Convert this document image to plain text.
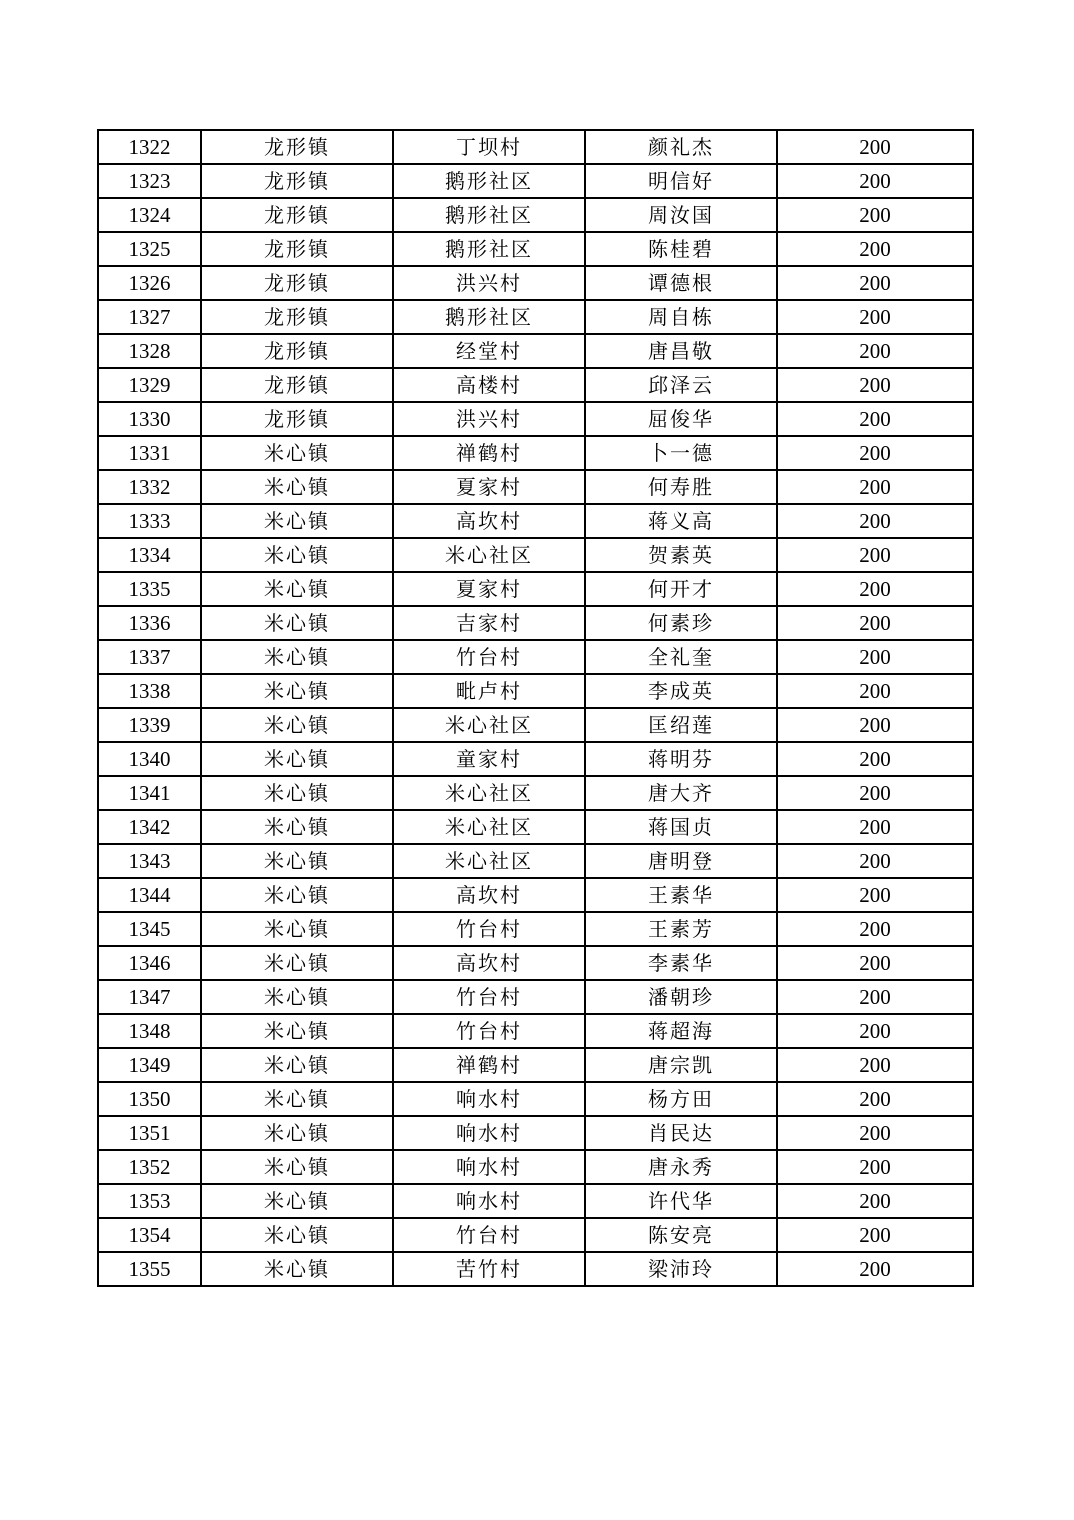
1322	龙形镇	丁坝村	颜礼杰	200
1323	龙形镇	鹅形社区	明信好	200
1324	龙形镇	鹅形社区	周汝国	200
1325	龙形镇	鹅形社区	陈桂碧	200
1326	龙形镇	洪兴村	谭德根	200
1327	龙形镇	鹅形社区	周自栋	200
1328	龙形镇	经堂村	唐昌敬	200
1329	龙形镇	高楼村	邱泽云	200
1330	龙形镇	洪兴村	屈俊华	200
1331	米心镇	禅鹤村	卜一德	200
1332	米心镇	夏家村	何寿胜	200
1333	米心镇	高坎村	蒋义高	200
1334	米心镇	米心社区	贺素英	200
1335	米心镇	夏家村	何开才	200
1336	米心镇	吉家村	何素珍	200
1337	米心镇	竹台村	全礼奎	200
1338	米心镇	毗卢村	李成英	200
1339	米心镇	米心社区	匡绍莲	200
1340	米心镇	童家村	蒋明芬	200
1341	米心镇	米心社区	唐大齐	200
1342	米心镇	米心社区	蒋国贞	200
1343	米心镇	米心社区	唐明登	200
1344	米心镇	高坎村	王素华	200
1345	米心镇	竹台村	王素芳	200
1346	米心镇	高坎村	李素华	200
1347	米心镇	竹台村	潘朝珍	200
1348	米心镇	竹台村	蒋超海	200
1349	米心镇	禅鹤村	唐宗凯	200
1350	米心镇	响水村	杨方田	200
1351	米心镇	响水村	肖民达	200
1352	米心镇	响水村	唐永秀	200
1353	米心镇	响水村	许代华	200
1354	米心镇	竹台村	陈安亮	200
1355	米心镇	苦竹村	梁沛玲	200
